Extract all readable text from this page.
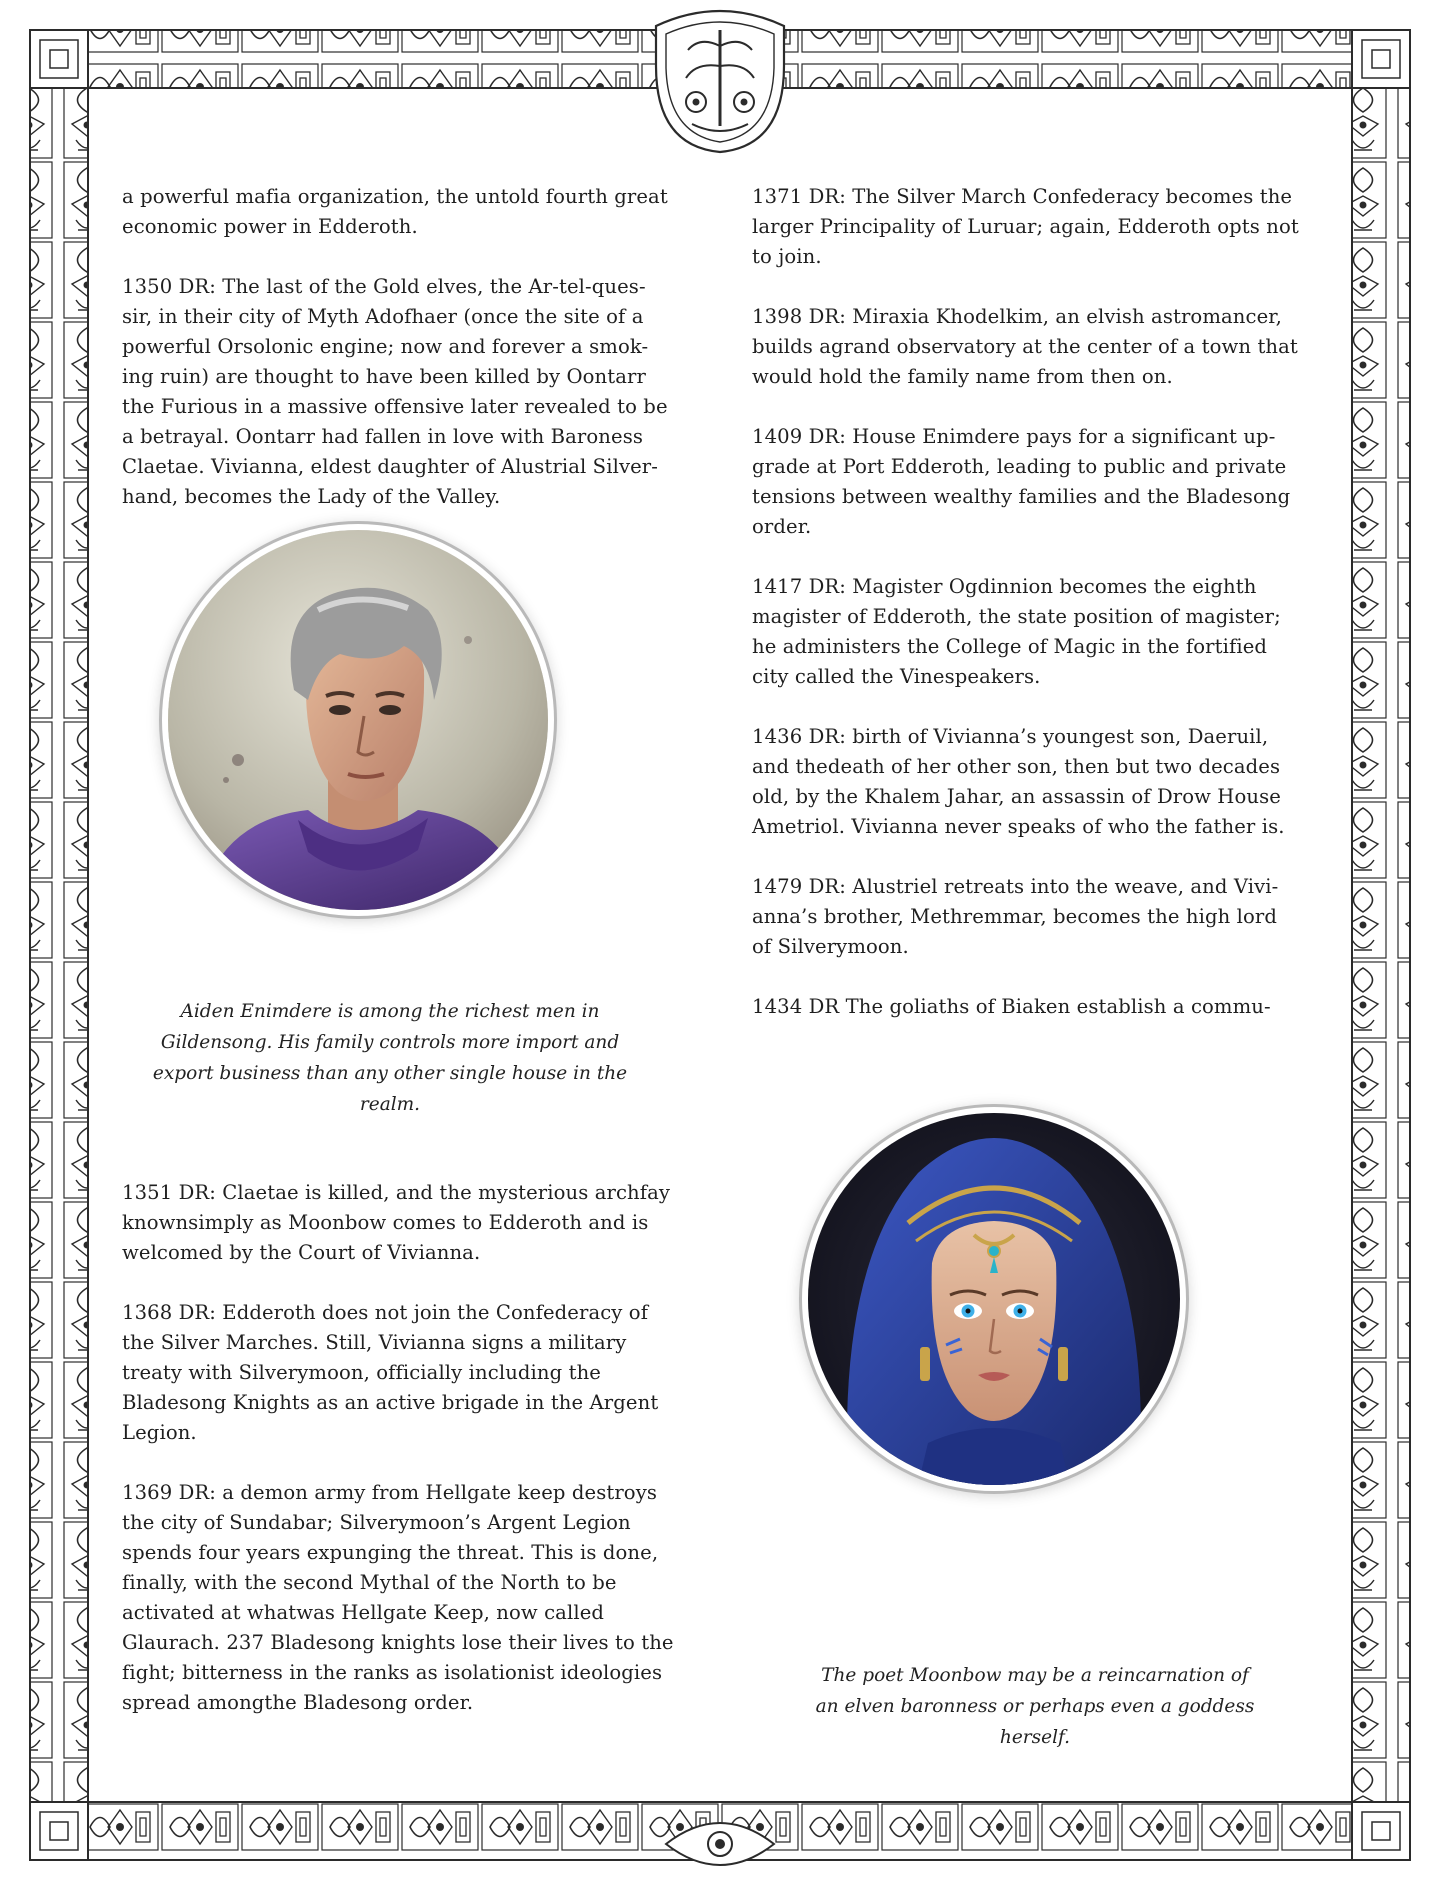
a powerful mafia organization, the untold fourth great
economic power in Edderoth.

1350 DR: The last of the Gold elves, the Ar-tel-ques-
sir, in their city of Myth Adofhaer (once the site of a
powerful Orsolonic engine; now and forever a smok-
ing ruin) are thought to have been killed by Oontarr
the Furious in a massive offensive later revealed to be
a betrayal. Oontarr had fallen in love with Baroness
Claetae. Vivianna, eldest daughter of Alustrial Silver-
hand, becomes the Lady of the Valley.

Aiden Enimdere is among the richest men in
Gildensong. His family controls more import and
export business than any other single house in the
realm.

1351 DR: Claetae is killed, and the mysterious archfay
knownsimply as Moonbow comes to Edderoth and is
welcomed by the Court of Vivianna.

1368 DR: Edderoth does not join the Confederacy of
the Silver Marches. Still, Vivianna signs a military
treaty with Silverymoon, officially including the
Bladesong Knights as an active brigade in the Argent
Legion.

1369 DR: a demon army from Hellgate keep destroys
the city of Sundabar; Silverymoon’s Argent Legion
spends four years expunging the threat. This is done,
finally, with the second Mythal of the North to be
activated at whatwas Hellgate Keep, now called
Glaurach. 237 Bladesong knights lose their lives to the
fight; bitterness in the ranks as isolationist ideologies
spread amongthe Bladesong order.

1371 DR: The Silver March Confederacy becomes the
larger Principality of Luruar; again, Edderoth opts not
to join.

1398 DR: Miraxia Khodelkim, an elvish astromancer,
builds agrand observatory at the center of a town that
would hold the family name from then on.

1409 DR: House Enimdere pays for a significant up-
grade at Port Edderoth, leading to public and private
tensions between wealthy families and the Bladesong
order.

1417 DR: Magister Ogdinnion becomes the eighth
magister of Edderoth, the state position of magister;
he administers the College of Magic in the fortified
city called the Vinespeakers.

1436 DR: birth of Vivianna’s youngest son, Daeruil,
and thedeath of her other son, then but two decades
old, by the Khalem Jahar, an assassin of Drow House
Ametriol. Vivianna never speaks of who the father is.

1479 DR: Alustriel retreats into the weave, and Vivi-
anna’s brother, Methremmar, becomes the high lord
of Silverymoon.

1434 DR The goliaths of Biaken establish a commu-

The poet Moonbow may be a reincarnation of
an elven baronness or perhaps even a goddess
herself.
